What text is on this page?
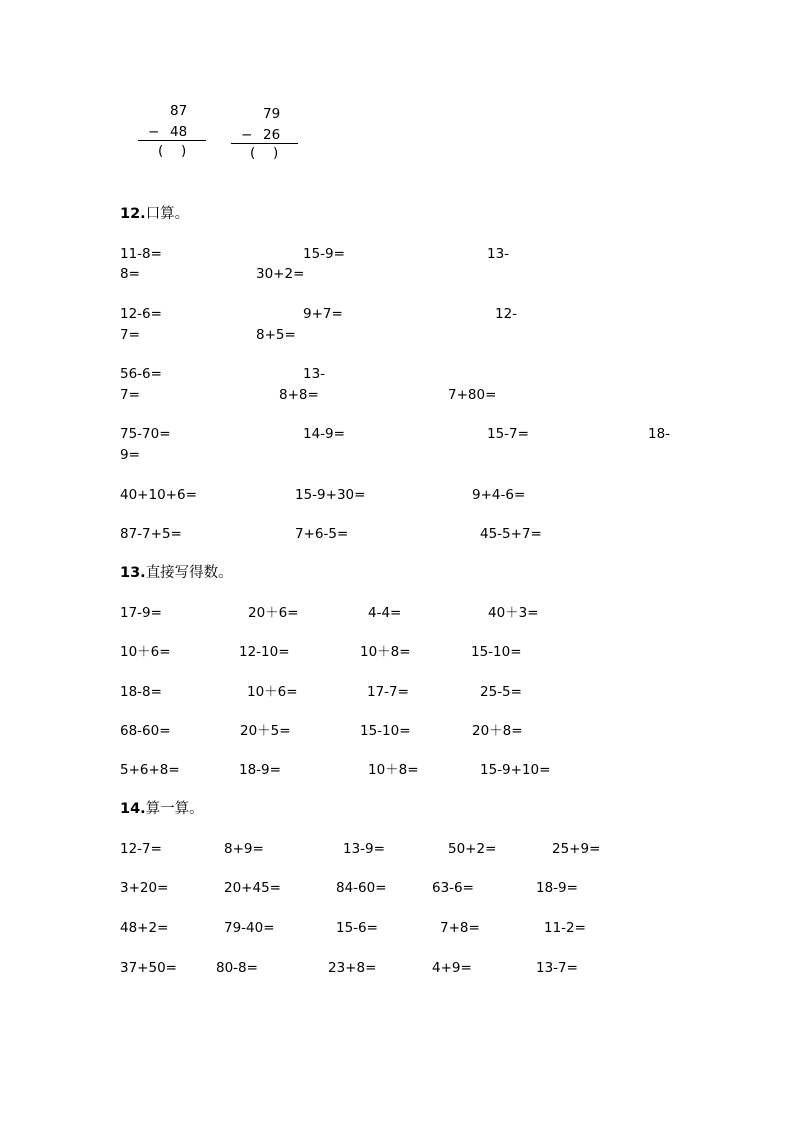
87
− 48
(　 )
79
− 26
(　 )
12.口算。
11-8=	15-9=	13-
8=	30+2=
12-6=	9+7=	12-
7=	8+5=
56-6=	13-
7=	8+8=	7+80=
75-70=	14-9=	15-7=	18-
9=
40+10+6=	15-9+30=	9+4-6=
87-7+5=	7+6-5=	45-5+7=
13.直接写得数。
17-9=	20＋6=	4-4=	40＋3=
10＋6=	12-10=	10＋8=	15-10=
18-8=	10＋6=	17-7=	25-5=
68-60=	20＋5=	15-10=	20＋8=
5+6+8=	18-9=	10＋8=	15-9+10=
14.算一算。
12-7=	8+9=	13-9=	50+2=	25+9=
3+20=	20+45=	84-60=	63-6=	18-9=
48+2=	79-40=	15-6=	7+8=	11-2=
37+50=	80-8=	23+8=	4+9=	13-7=
